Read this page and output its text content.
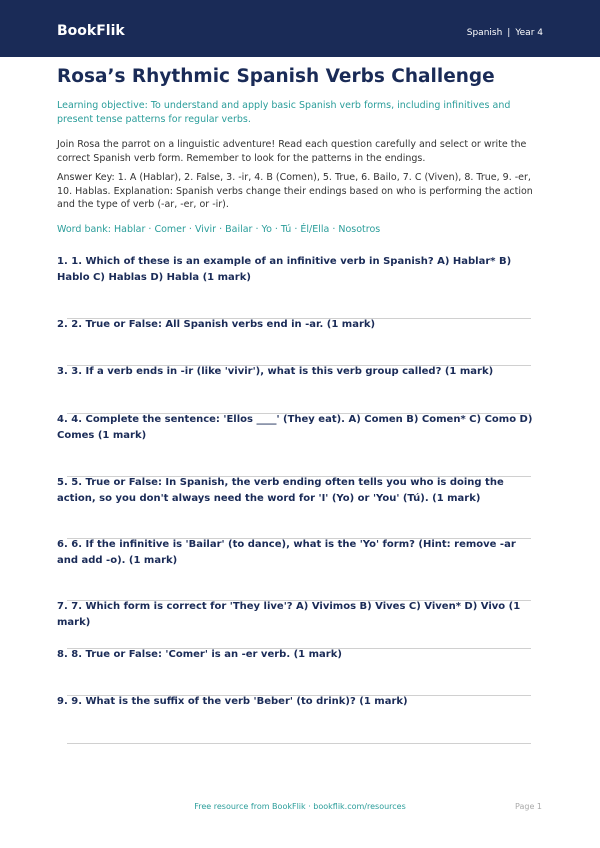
BookFlik	Spanish | Year 4
Rosa’s Rhythmic Spanish Verbs Challenge

Learning objective: To understand and apply basic Spanish verb forms, including infinitives and present tense patterns for regular verbs.

Join Rosa the parrot on a linguistic adventure! Read each question carefully and select or write the correct Spanish verb form. Remember to look for the patterns in the endings.

Answer Key: 1. A (Hablar), 2. False, 3. -ir, 4. B (Comen), 5. True, 6. Bailo, 7. C (Viven), 8. True, 9. -er, 10. Hablas. Explanation: Spanish verbs change their endings based on who is performing the action and the type of verb (-ar, -er, or -ir).

Word bank: Hablar · Comer · Vivir · Bailar · Yo · Tú · Él/Ella · Nosotros

1. 1. Which of these is an example of an infinitive verb in Spanish? A) Hablar* B) Hablo C) Hablas D) Habla (1 mark)

2. 2. True or False: All Spanish verbs end in -ar. (1 mark)

3. 3. If a verb ends in -ir (like 'vivir'), what is this verb group called? (1 mark)

4. 4. Complete the sentence: 'Ellos ____' (They eat). A) Comen B) Comen* C) Como D) Comes (1 mark)

5. 5. True or False: In Spanish, the verb ending often tells you who is doing the action, so you don't always need the word for 'I' (Yo) or 'You' (Tú). (1 mark)

6. 6. If the infinitive is 'Bailar' (to dance), what is the 'Yo' form? (Hint: remove -ar and add -o). (1 mark)

7. 7. Which form is correct for 'They live'? A) Vivimos B) Vives C) Viven* D) Vivo (1 mark)

8. 8. True or False: 'Comer' is an -er verb. (1 mark)

9. 9. What is the suffix of the verb 'Beber' (to drink)? (1 mark)

Free resource from BookFlik · bookflik.com/resources	Page 1
